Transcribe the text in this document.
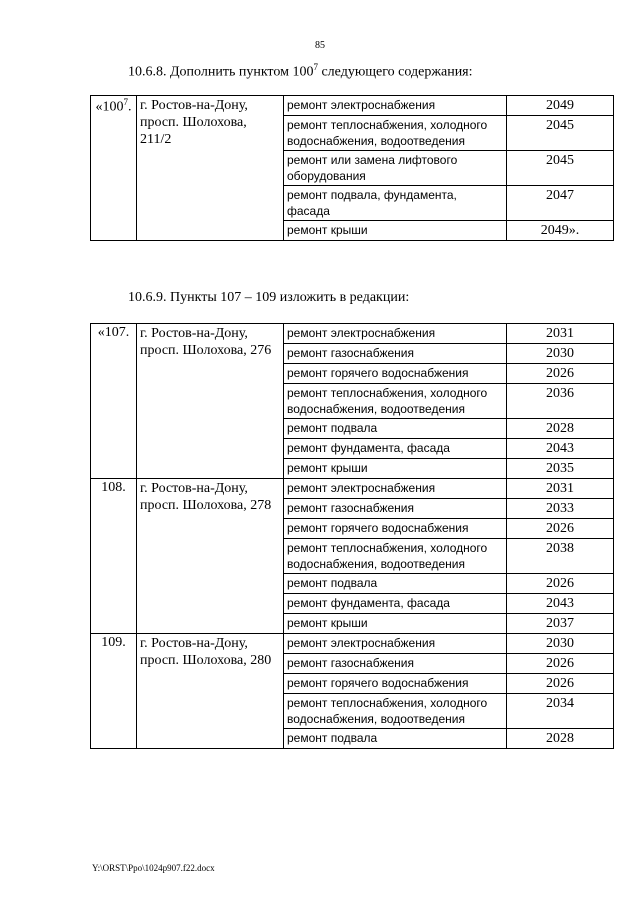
85
10.6.8. Дополнить пунктом $100^7$ следующего содержания:
«$100^7$.	г. Ростов-на-Дону, просп. Шолохова, 211/2	ремонт электроснабжения	2049
		ремонт теплоснабжения, холодного водоснабжения, водоотведения	2045
		ремонт или замена лифтового оборудования	2045
		ремонт подвала, фундамента, фасада	2047
		ремонт крыши	2049».
10.6.9. Пункты 107 – 109 изложить в редакции:
«107.	г. Ростов-на-Дону, просп. Шолохова, 276	ремонт электроснабжения	2031
		ремонт газоснабжения	2030
		ремонт горячего водоснабжения	2026
		ремонт теплоснабжения, холодного водоснабжения, водоотведения	2036
		ремонт подвала	2028
		ремонт фундамента, фасада	2043
		ремонт крыши	2035
108.	г. Ростов-на-Дону, просп. Шолохова, 278	ремонт электроснабжения	2031
		ремонт газоснабжения	2033
		ремонт горячего водоснабжения	2026
		ремонт теплоснабжения, холодного водоснабжения, водоотведения	2038
		ремонт подвала	2026
		ремонт фундамента, фасада	2043
		ремонт крыши	2037
109.	г. Ростов-на-Дону, просп. Шолохова, 280	ремонт электроснабжения	2030
		ремонт газоснабжения	2026
		ремонт горячего водоснабжения	2026
		ремонт теплоснабжения, холодного водоснабжения, водоотведения	2034
		ремонт подвала	2028
Y:\ORST\Ppo\1024p907.f22.docx
